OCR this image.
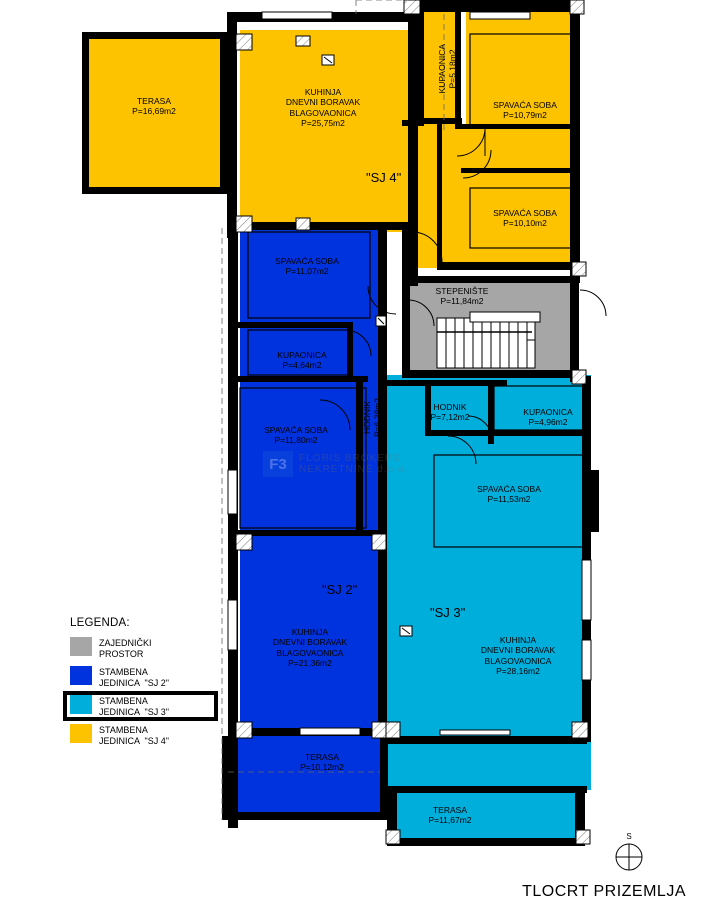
TERASA
P=16,69m2
KUHINJA
DNEVNI BORAVAK
BLAGOVAONICA
P=25,75m2
KUPAONICA P=5,18m2
SPAVAĆA SOBA
P=10,79m2
SPAVAĆA SOBA
P=10,10m2
SPAVAĆA SOBA
P=11,07m2
KUPAONICA
P=4,64m2
SPAVAĆA SOBA
P=11,80m2
HODNIK P=6,38m2
STEPENIŠTE
P=11,84m2
HODNIK
P=7,12m2
KUPAONICA
P=4,96m2
SPAVAĆA SOBA
P=11,53m2
KUHINJA
DNEVNI BORAVAK
BLAGOVAONICA
P=21,36m2
KUHINJA
DNEVNI BORAVAK
BLAGOVAONICA
P=28,16m2
TERASA
P=10,12m2
TERASA
P=11,67m2
"SJ 4"
"SJ 2"
"SJ 3"
F3	FLORIS BROKERS
NEKRETNINE d.o.o.
LEGENDA:
ZAJEDNIČKI
PROSTOR
STAMBENA
JEDINICA  "SJ 2"
STAMBENA
JEDINICA  "SJ 3"
STAMBENA
JEDINICA  "SJ 4"
TLOCRT PRIZEMLJA
S
